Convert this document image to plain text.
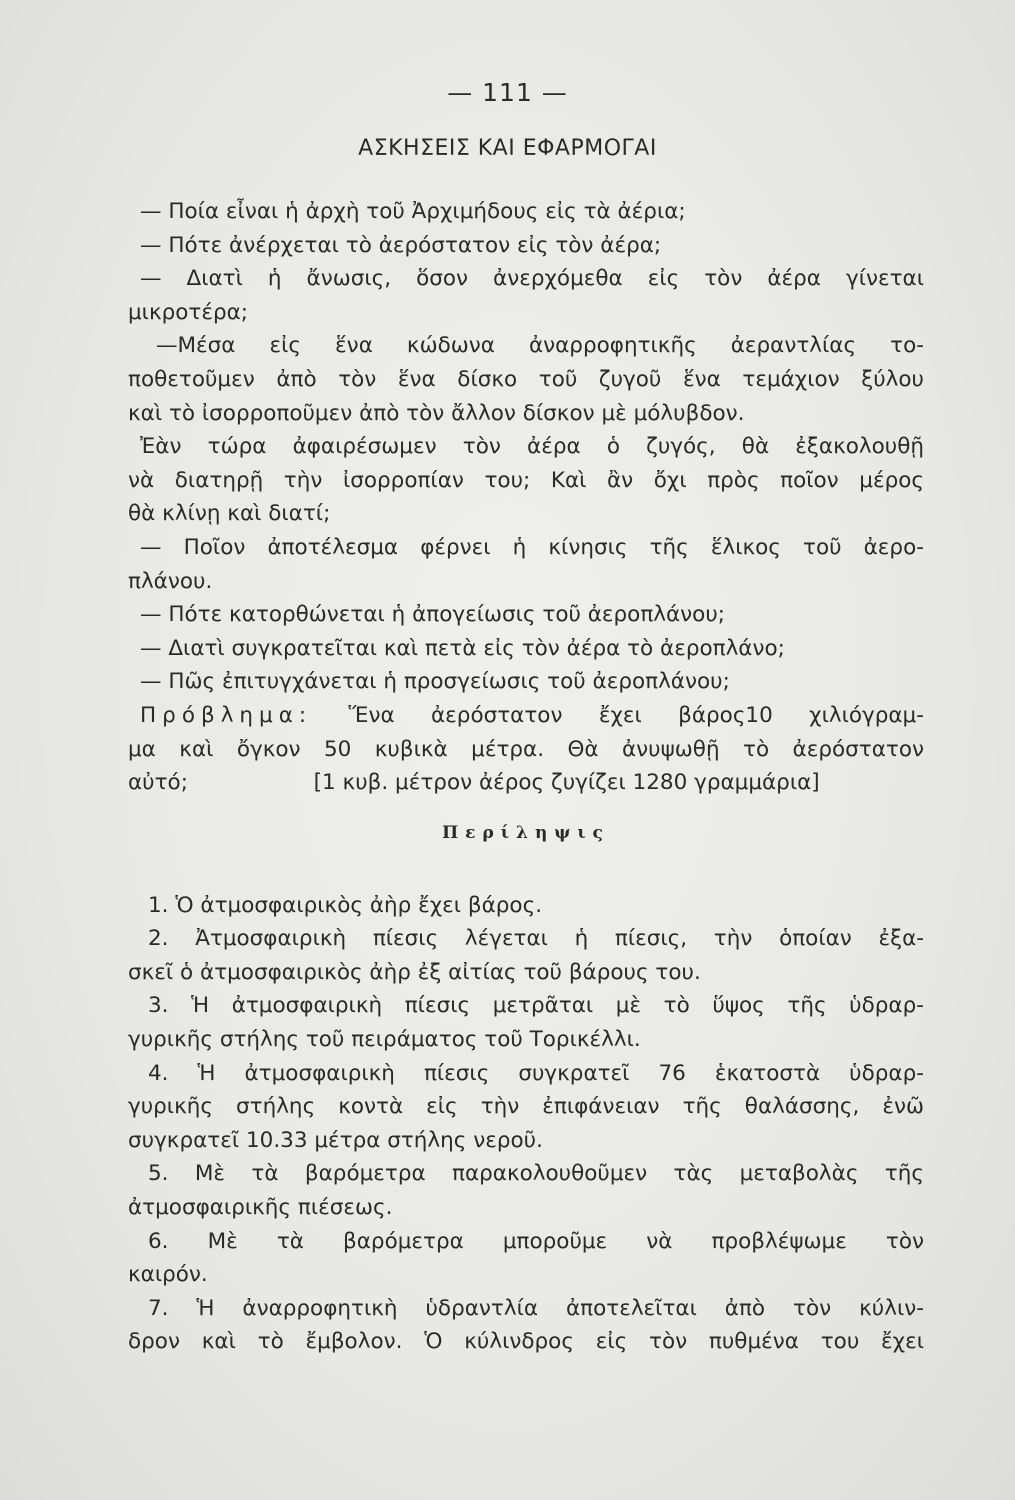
— 111 —
ΑΣΚΗΣΕΙΣ ΚΑΙ ΕΦΑΡΜΟΓΑΙ
— Ποία εἶναι ἡ ἀρχὴ τοῦ Ἀρχιμήδους εἰς τὰ ἀέρια;
— Πότε ἀνέρχεται τὸ ἀερόστατον εἰς τὸν ἀέρα;
— Διατὶ ἡ ἄνωσις, ὅσον ἀνερχόμεθα εἰς τὸν ἀέρα γίνεται
μικροτέρα;
—Μέσα εἰς ἕνα κώδωνα ἀναρροφητικῆς ἀεραντλίας το-
ποθετοῦμεν ἀπὸ τὸν ἕνα δίσκο τοῦ ζυγοῦ ἕνα τεμάχιον ξύλου
καὶ τὸ ἰσορροποῦμεν ἀπὸ τὸν ἄλλον δίσκον μὲ μόλυβδον.
Ἐὰν τώρα ἀφαιρέσωμεν τὸν ἀέρα ὁ ζυγός, θὰ ἐξακολουθῇ
νὰ διατηρῇ τὴν ἰσορροπίαν του; Καὶ ἂν ὄχι πρὸς ποῖον μέρος
θὰ κλίνῃ καὶ διατί;
— Ποῖον ἀποτέλεσμα φέρνει ἡ κίνησις τῆς ἕλικος τοῦ ἀερο-
πλάνου.
— Πότε κατορθώνεται ἡ ἀπογείωσις τοῦ ἀεροπλάνου;
— Διατὶ συγκρατεῖται καὶ πετὰ εἰς τὸν ἀέρα τὸ ἀεροπλάνο;
— Πῶς ἐπιτυγχάνεται ἡ προσγείωσις τοῦ ἀεροπλάνου;
Πρόβλημα: Ἕνα ἀερόστατον ἔχει βάρος10 χιλιόγραμ-
μα καὶ ὄγκον 50 κυβικὰ μέτρα. Θὰ ἀνυψωθῇ τὸ ἀερόστατον
αὐτό;	[1 κυβ. μέτρον ἀέρος ζυγίζει 1280 γραμμάρια]
Περίληψις
1. Ὁ ἀτμοσφαιρικὸς ἀὴρ ἔχει βάρος.
2. Ἀτμοσφαιρικὴ πίεσις λέγεται ἡ πίεσις, τὴν ὁποίαν ἐξα-
σκεῖ ὁ ἀτμοσφαιρικὸς ἀὴρ ἐξ αἰτίας τοῦ βάρους του.
3. Ἡ ἀτμοσφαιρικὴ πίεσις μετρᾶται μὲ τὸ ὕψος τῆς ὑδραρ-
γυρικῆς στήλης τοῦ πειράματος τοῦ Τορικέλλι.
4. Ἡ ἀτμοσφαιρικὴ πίεσις συγκρατεῖ 76 ἑκατοστὰ ὑδραρ-
γυρικῆς στήλης κοντὰ εἰς τὴν ἐπιφάνειαν τῆς θαλάσσης, ἐνῶ
συγκρατεῖ 10.33 μέτρα στήλης νεροῦ.
5. Μὲ τὰ βαρόμετρα παρακολουθοῦμεν τὰς μεταβολὰς τῆς
ἀτμοσφαιρικῆς πιέσεως.
6. Μὲ τὰ βαρόμετρα μποροῦμε νὰ προβλέψωμε τὸν
καιρόν.
7. Ἡ ἀναρροφητικὴ ὑδραντλία ἀποτελεῖται ἀπὸ τὸν κύλιν-
δρον καὶ τὸ ἔμβολον. Ὁ κύλινδρος εἰς τὸν πυθμένα του ἔχει
